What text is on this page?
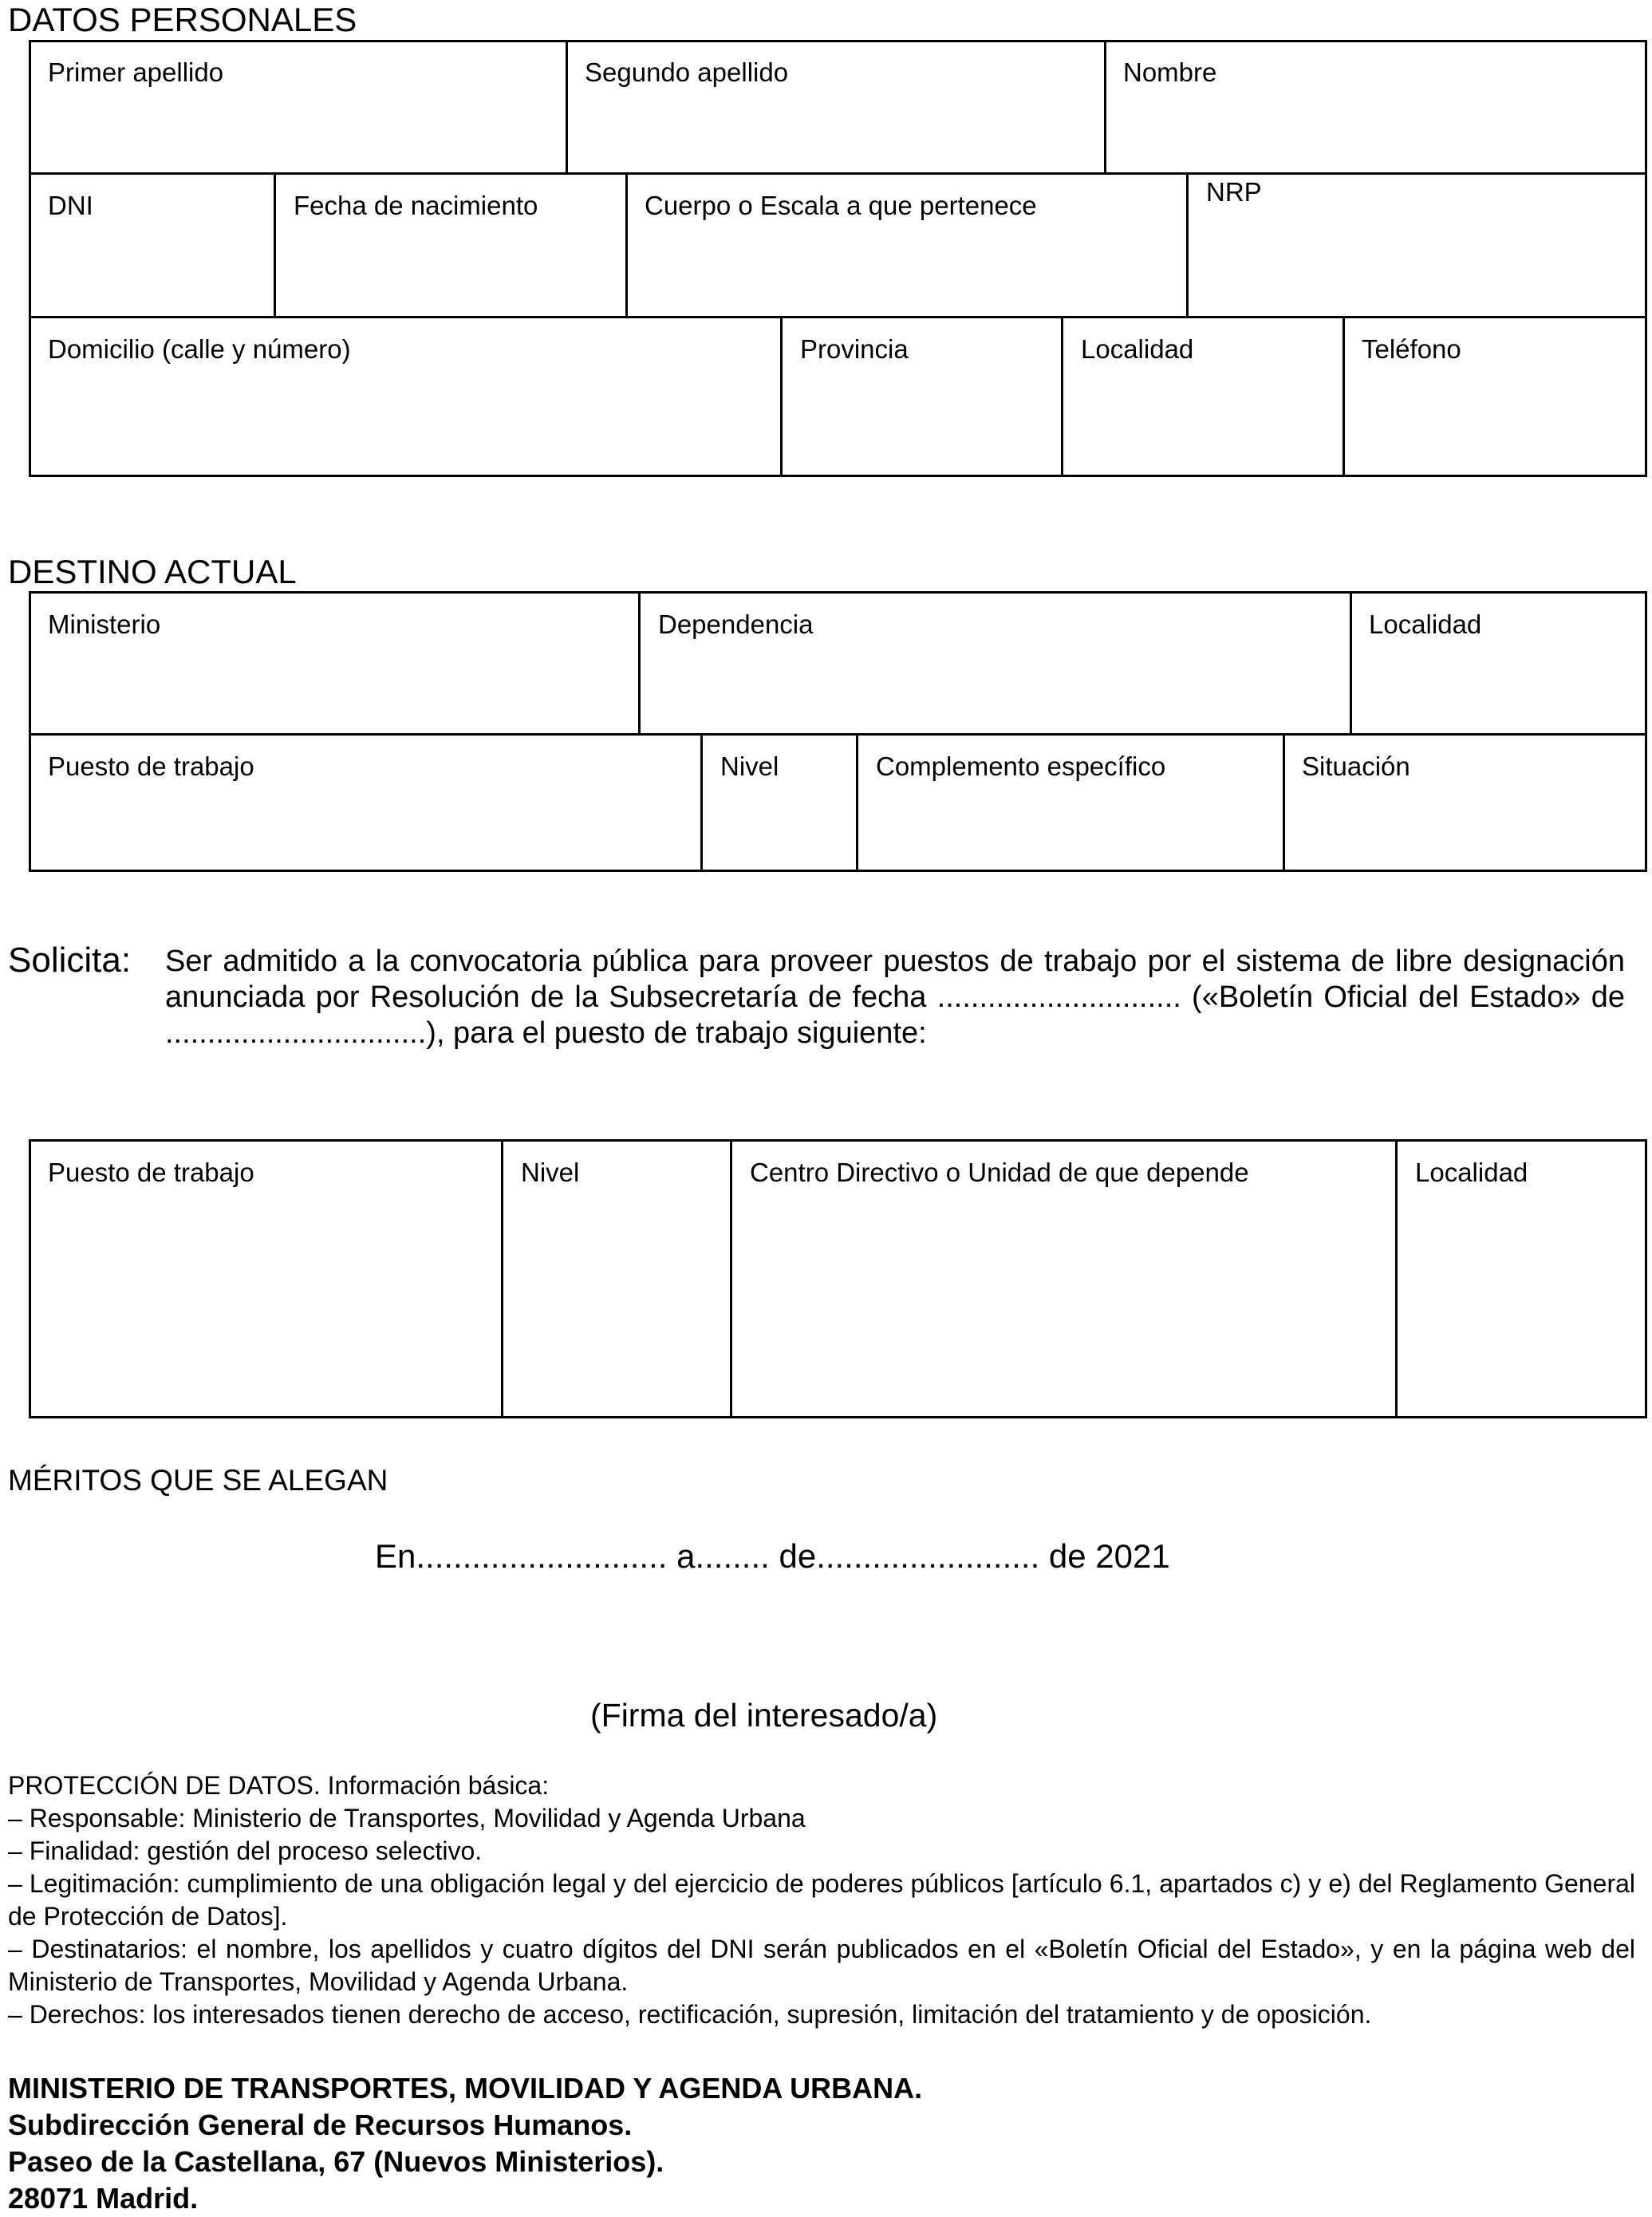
DATOS PERSONALES
Primer apellido	Segundo apellido	Nombre
DNI	Fecha de nacimiento	Cuerpo o Escala a que pertenece	NRP
Domicilio (calle y número)	Provincia	Localidad	Teléfono
DESTINO ACTUAL
Ministerio	Dependencia	Localidad
Puesto de trabajo	Nivel	Complemento específico	Situación
Solicita: Ser admitido a la convocatoria pública para proveer puestos de trabajo por el sistema de libre designación anunciada por Resolución de la Subsecretaría de fecha ............................. («Boletín Oficial del Estado» de ...............................), para el puesto de trabajo siguiente:
Puesto de trabajo	Nivel	Centro Directivo o Unidad de que depende	Localidad
MÉRITOS QUE SE ALEGAN
En........................... a........ de........................ de 2021
(Firma del interesado/a)

PROTECCIÓN DE DATOS. Información básica:

– Responsable: Ministerio de Transportes, Movilidad y Agenda Urbana

– Finalidad: gestión del proceso selectivo.

– Legitimación: cumplimiento de una obligación legal y del ejercicio de poderes públicos [artículo 6.1, apartados c) y e) del Reglamento General de Protección de Datos].

– Destinatarios: el nombre, los apellidos y cuatro dígitos del DNI serán publicados en el «Boletín Oficial del Estado», y en la página web del Ministerio de Transportes, Movilidad y Agenda Urbana.

– Derechos: los interesados tienen derecho de acceso, rectificación, supresión, limitación del tratamiento y de oposición.

MINISTERIO DE TRANSPORTES, MOVILIDAD Y AGENDA URBANA.

Subdirección General de Recursos Humanos.

Paseo de la Castellana, 67 (Nuevos Ministerios).

28071 Madrid.
